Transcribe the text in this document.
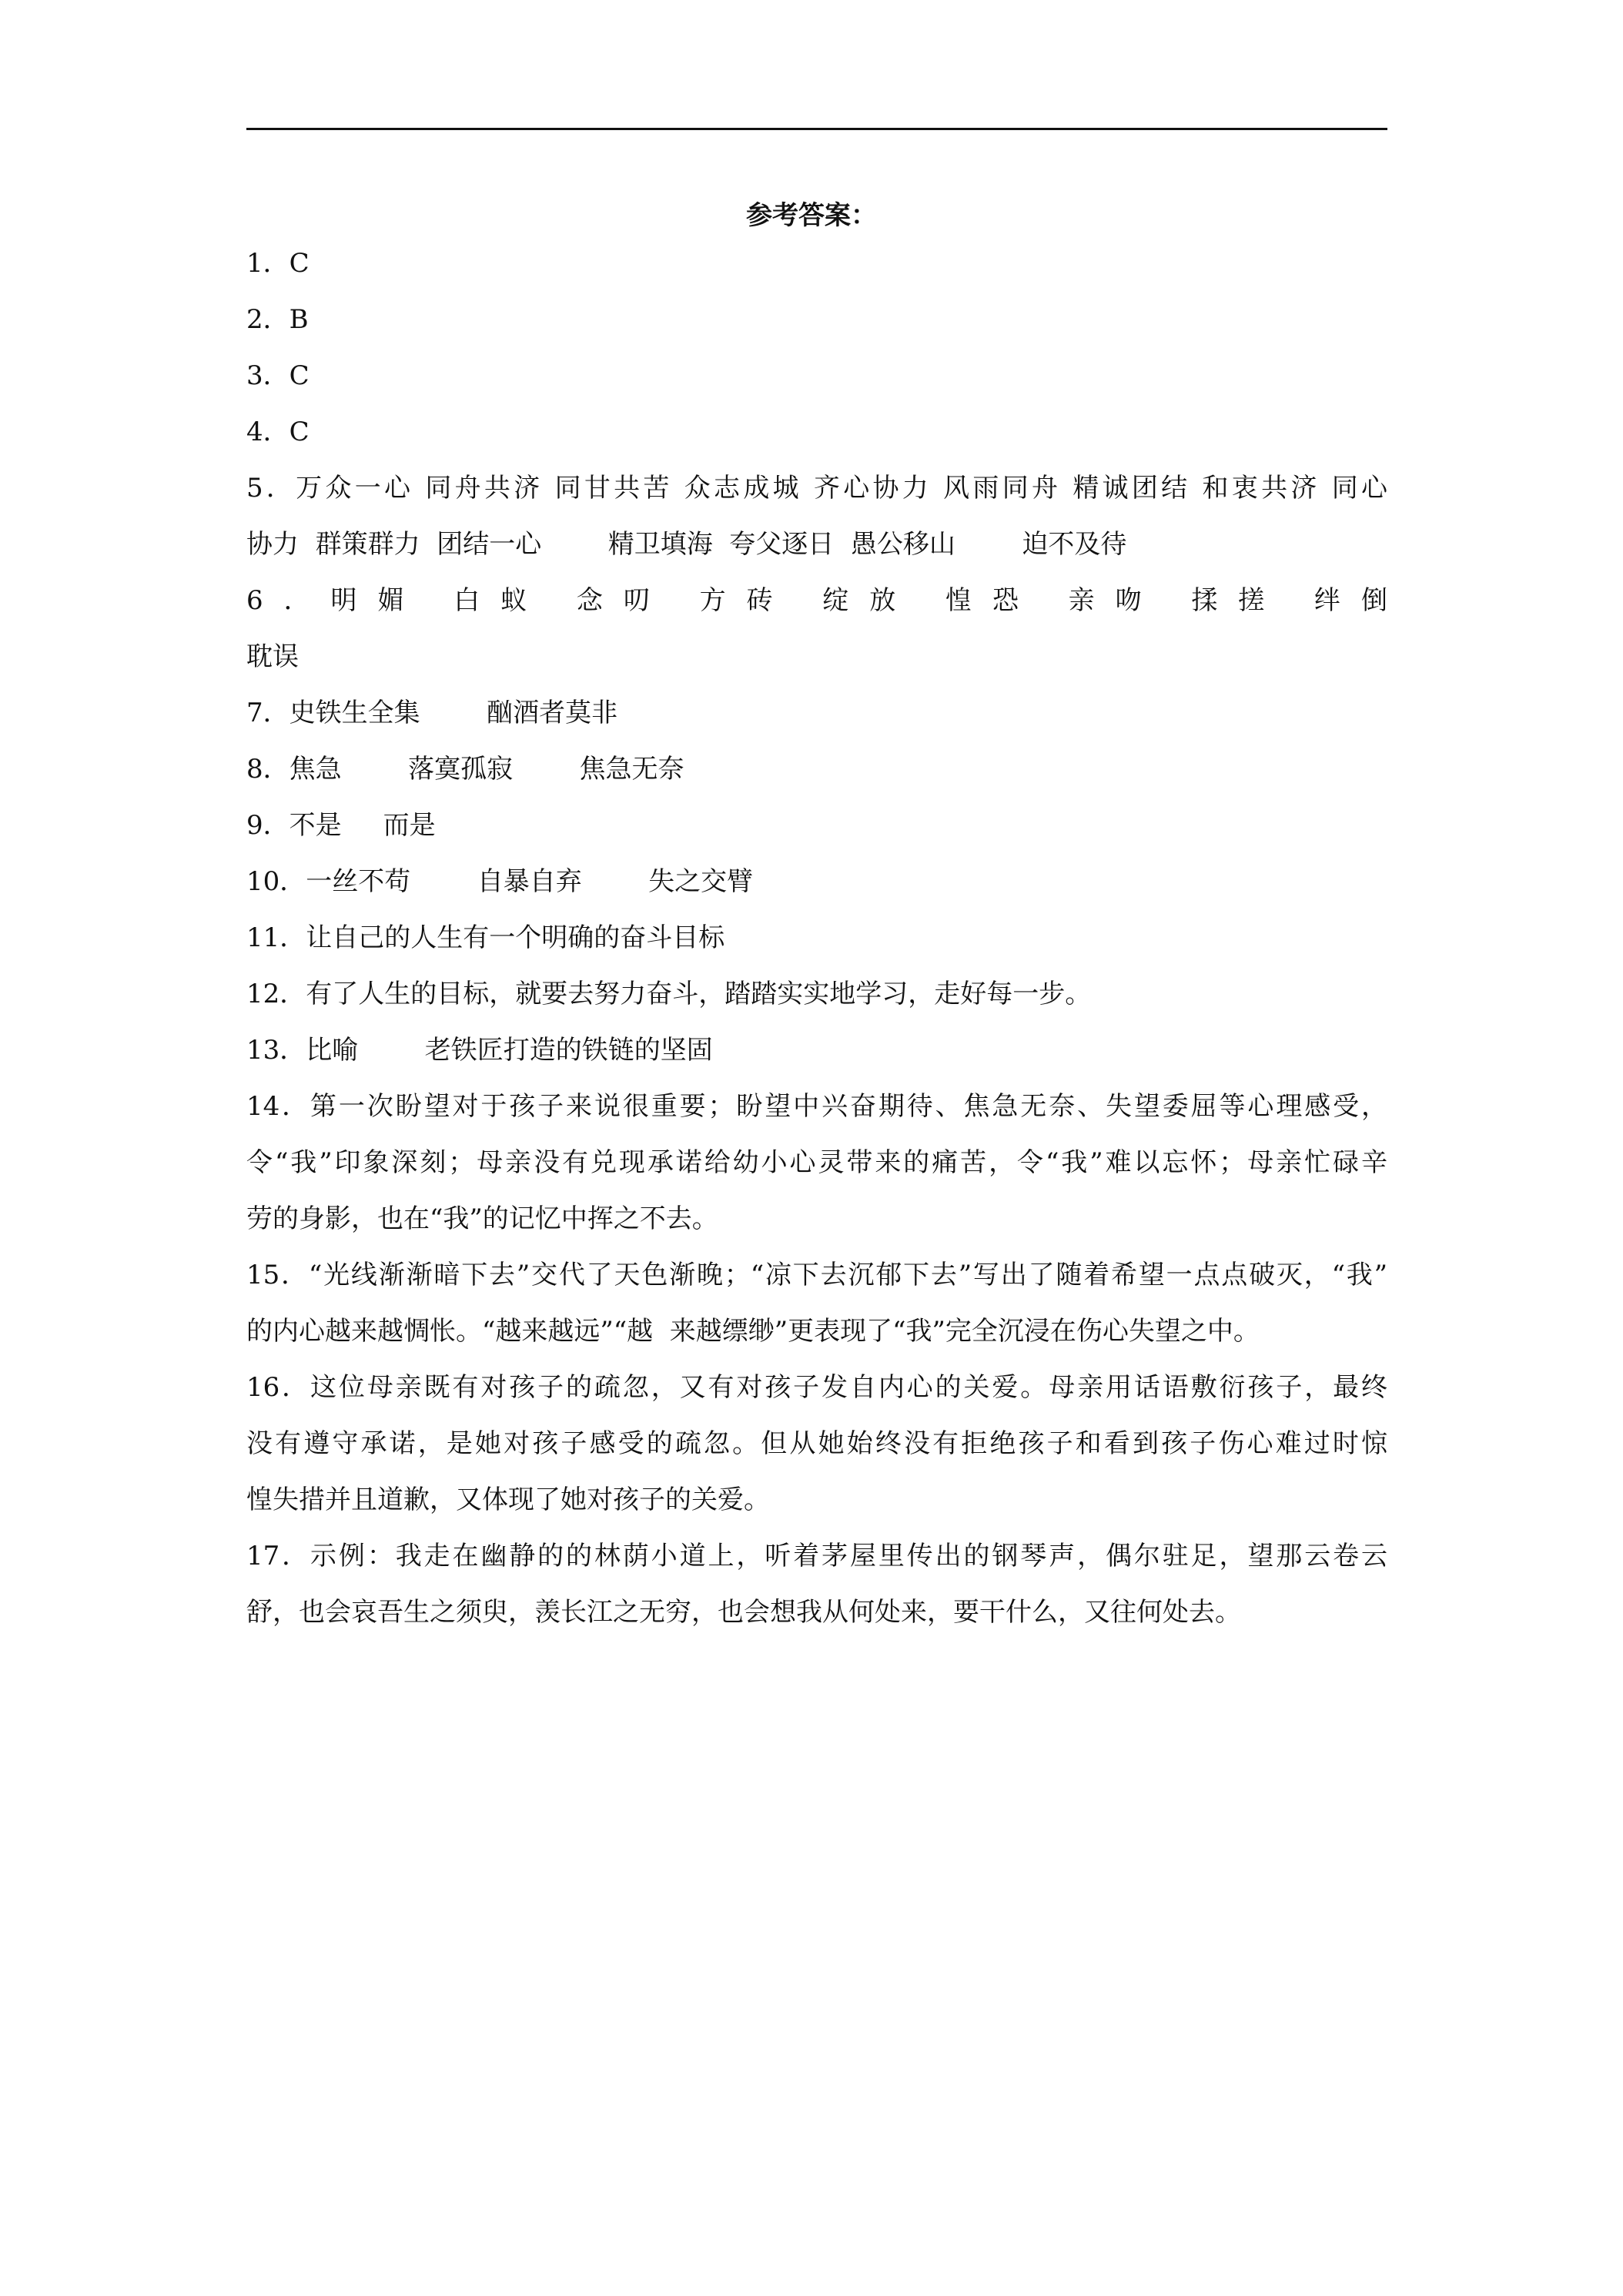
参考答案：
1．C
2．B
3．C
4．C
5．万众一心 同舟共济 同甘共苦 众志成城 齐心协力 风雨同舟 精诚团结 和衷共济 同心
协力  群策群力  团结一心        精卫填海  夸父逐日  愚公移山        迫不及待
6．明媚 白蚁 念叨 方砖 绽放 惶恐 亲吻 揉搓 绊倒
耽误
7．史铁生全集        酗酒者莫非
8．焦急        落寞孤寂        焦急无奈
9．不是     而是
10．一丝不苟        自暴自弃        失之交臂
11．让自己的人生有一个明确的奋斗目标
12．有了人生的目标，就要去努力奋斗，踏踏实实地学习，走好每一步。
13．比喻        老铁匠打造的铁链的坚固
14．第一次盼望对于孩子来说很重要；盼望中兴奋期待、焦急无奈、失望委屈等心理感受，
令“我”印象深刻；母亲没有兑现承诺给幼小心灵带来的痛苦，令“我”难以忘怀；母亲忙碌辛
劳的身影，也在“我”的记忆中挥之不去。
15．“光线渐渐暗下去”交代了天色渐晚；“凉下去沉郁下去”写出了随着希望一点点破灭，“我”
的内心越来越惆怅。“越来越远”“越  来越缥缈”更表现了“我”完全沉浸在伤心失望之中。
16．这位母亲既有对孩子的疏忽，又有对孩子发自内心的关爱。母亲用话语敷衍孩子，最终
没有遵守承诺，是她对孩子感受的疏忽。但从她始终没有拒绝孩子和看到孩子伤心难过时惊
惶失措并且道歉，又体现了她对孩子的关爱。
17．示例：我走在幽静的的林荫小道上，听着茅屋里传出的钢琴声，偶尔驻足，望那云卷云
舒，也会哀吾生之须臾，羡长江之无穷，也会想我从何处来，要干什么，又往何处去。
